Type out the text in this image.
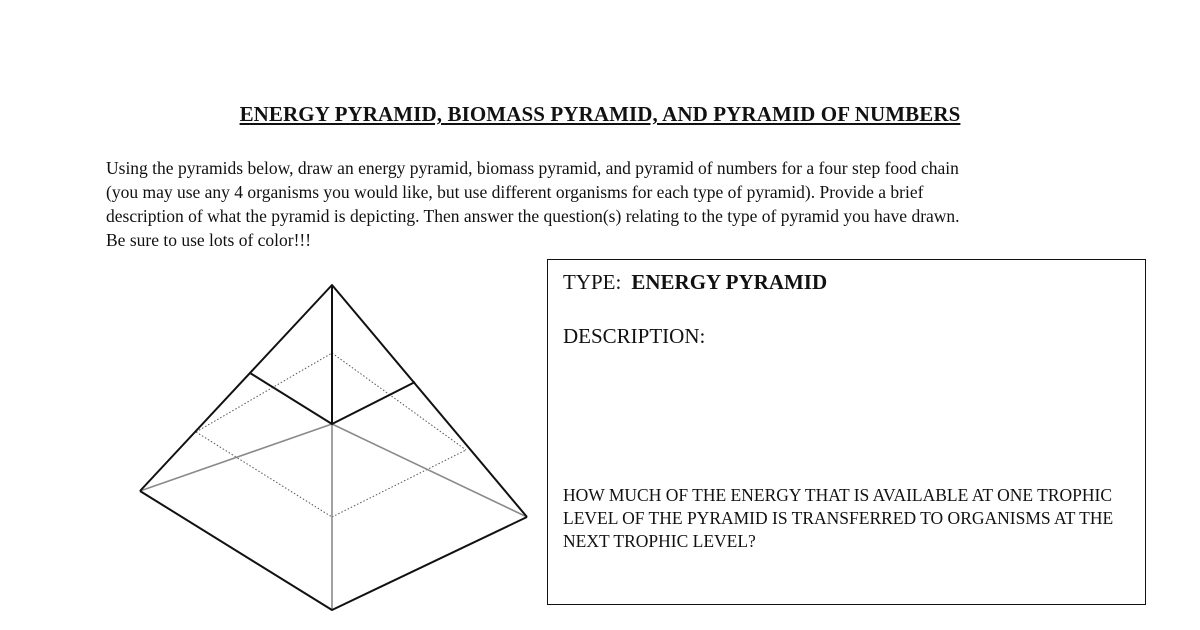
ENERGY PYRAMID, BIOMASS PYRAMID, AND PYRAMID OF NUMBERS

Using the pyramids below, draw an energy pyramid, biomass pyramid, and pyramid of numbers for a four step food chain

(you may use any 4 organisms you would like, but use different organisms for each type of pyramid). Provide a brief

description of what the pyramid is depicting. Then answer the question(s) relating to the type of pyramid you have drawn.

Be sure to use lots of color!!!

TYPE: ENERGY PYRAMID
DESCRIPTION:
HOW MUCH OF THE ENERGY THAT IS AVAILABLE AT ONE TROPHIC LEVEL OF THE PYRAMID IS TRANSFERRED TO ORGANISMS AT THE NEXT TROPHIC LEVEL?
